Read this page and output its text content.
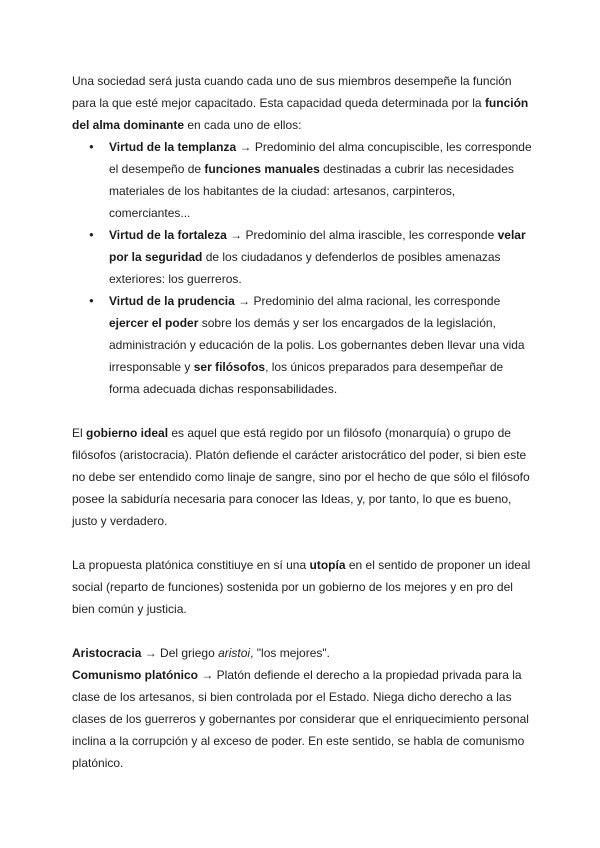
Una sociedad será justa cuando cada uno de sus miembros desempeñe la función para la que esté mejor capacitado. Esta capacidad queda determinada por la función del alma dominante en cada uno de ellos:

● Virtud de la templanza → Predominio del alma concupiscible, les corresponde el desempeño de funciones manuales destinadas a cubrir las necesidades materiales de los habitantes de la ciudad: artesanos, carpinteros, comerciantes...
● Virtud de la fortaleza → Predominio del alma irascible, les corresponde velar por la seguridad de los ciudadanos y defenderlos de posibles amenazas exteriores: los guerreros.
● Virtud de la prudencia → Predominio del alma racional, les corresponde ejercer el poder sobre los demás y ser los encargados de la legislación, administración y educación de la polis. Los gobernantes deben llevar una vida irresponsable y ser filósofos, los únicos preparados para desempeñar de forma adecuada dichas responsabilidades.

El gobierno ideal es aquel que está regido por un filósofo (monarquía) o grupo de filósofos (aristocracia). Platón defiende el carácter aristocrático del poder, si bien este no debe ser entendido como linaje de sangre, sino por el hecho de que sólo el filósofo posee la sabiduría necesaria para conocer las Ideas, y, por tanto, lo que es bueno, justo y verdadero.

La propuesta platónica constitiuye en sí una utopía en el sentido de proponer un ideal social (reparto de funciones) sostenida por un gobierno de los mejores y en pro del bien común y justicia.

Aristocracia → Del griego aristoi, "los mejores".

Comunismo platónico → Platón defiende el derecho a la propiedad privada para la clase de los artesanos, si bien controlada por el Estado. Niega dicho derecho a las clases de los guerreros y gobernantes por considerar que el enriquecimiento personal inclina a la corrupción y al exceso de poder. En este sentido, se habla de comunismo platónico.
